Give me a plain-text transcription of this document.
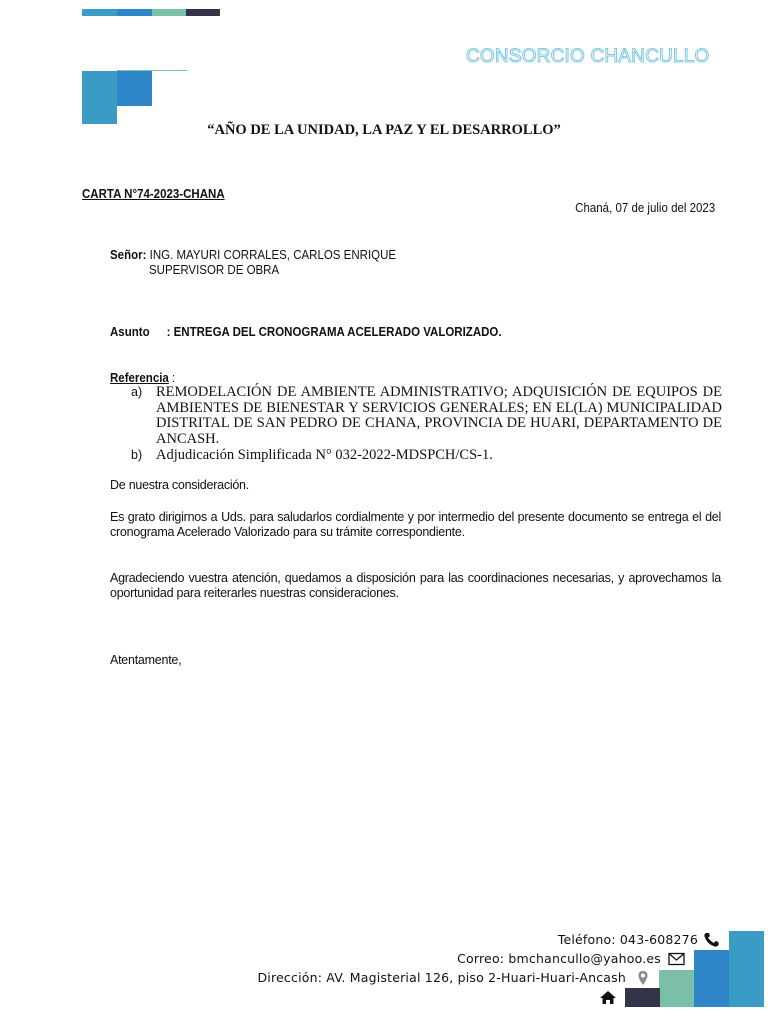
CONSORCIO CHANCULLO
“AÑO DE LA UNIDAD, LA PAZ Y EL DESARROLLO”
CARTA N°74-2023-CHANA
Chaná, 07 de julio del 2023
Señor: ING. MAYURI CORRALES, CARLOS ENRIQUE
SUPERVISOR DE OBRA
Asunto : ENTREGA DEL CRONOGRAMA ACELERADO VALORIZADO.
Referencia :
a) REMODELACIÓN DE AMBIENTE ADMINISTRATIVO; ADQUISICIÓN DE EQUIPOS DE
AMBIENTES DE BIENESTAR Y SERVICIOS GENERALES; EN EL(LA) MUNICIPALIDAD
DISTRITAL DE SAN PEDRO DE CHANA, PROVINCIA DE HUARI, DEPARTAMENTO DE
ANCASH.
b) Adjudicación Simplificada N° 032-2022-MDSPCH/CS-1.
De nuestra consideración.
Es grato dirigirnos a Uds. para saludarlos cordialmente y por intermedio del presente documento se entrega el del cronograma Acelerado Valorizado para su trámite correspondiente.
Agradeciendo vuestra atención, quedamos a disposición para las coordinaciones necesarias, y aprovechamos la oportunidad para reiterarles nuestras consideraciones.
Atentamente,
Teléfono: 043-608276
Correo: bmchancullo@yahoo.es
Dirección: AV. Magisterial 126, piso 2-Huari-Huari-Ancash
